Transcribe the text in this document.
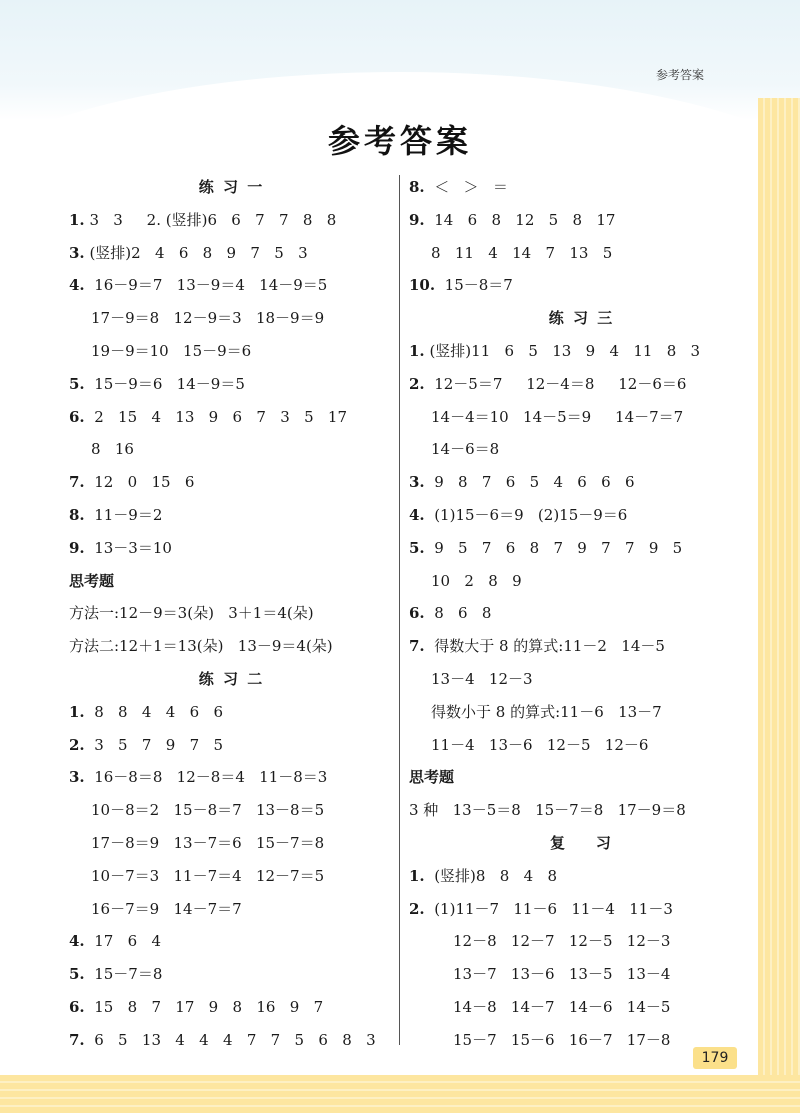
参考答案
参考答案
练 习 一
1. 3   3     2. (竖排)6   6   7   7   8   8
3. (竖排)2   4   6   8   9   7   5   3
4.  16－9＝7   13－9＝4   14－9＝5
17－9＝8   12－9＝3   18－9＝9
19－9＝10   15－9＝6
5.  15－9＝6   14－9＝5
6.  2   15   4   13   9   6   7   3   5   17
8   16
7.  12   0   15   6
8.  11－9＝2
9.  13－3＝10
思考题
方法一:12－9＝3(朵)   3＋1＝4(朵)
方法二:12＋1＝13(朵)   13－9＝4(朵)
练 习 二
1.  8   8   4   4   6   6
2.  3   5   7   9   7   5
3.  16－8＝8   12－8＝4   11－8＝3
10－8＝2   15－8＝7   13－8＝5
17－8＝9   13－7＝6   15－7＝8
10－7＝3   11－7＝4   12－7＝5
16－7＝9   14－7＝7
4.  17   6   4
5.  15－7＝8
6.  15   8   7   17   9   8   16   9   7
7.  6   5   13   4   4   4   7   7   5   6   8   3
8.  ＜   ＞   ＝
9.  14   6   8   12   5   8   17
8   11   4   14   7   13   5
10.  15－8＝7
练 习 三
1. (竖排)11   6   5   13   9   4   11   8   3
2.  12－5＝7     12－4＝8     12－6＝6
14－4＝10   14－5＝9     14－7＝7
14－6＝8
3.  9   8   7   6   5   4   6   6   6
4.  (1)15－6＝9   (2)15－9＝6
5.  9   5   7   6   8   7   9   7   7   9   5
10   2   8   9
6.  8   6   8
7.  得数大于 8 的算式:11－2   14－5
13－4   12－3
得数小于 8 的算式:11－6   13－7
11－4   13－6   12－5   12－6
思考题
3 种   13－5＝8   15－7＝8   17－9＝8
复    习
1.  (竖排)8   8   4   8
2.  (1)11－7   11－6   11－4   11－3
12－8   12－7   12－5   12－3
13－7   13－6   13－5   13－4
14－8   14－7   14－6   14－5
15－7   15－6   16－7   17－8
179
